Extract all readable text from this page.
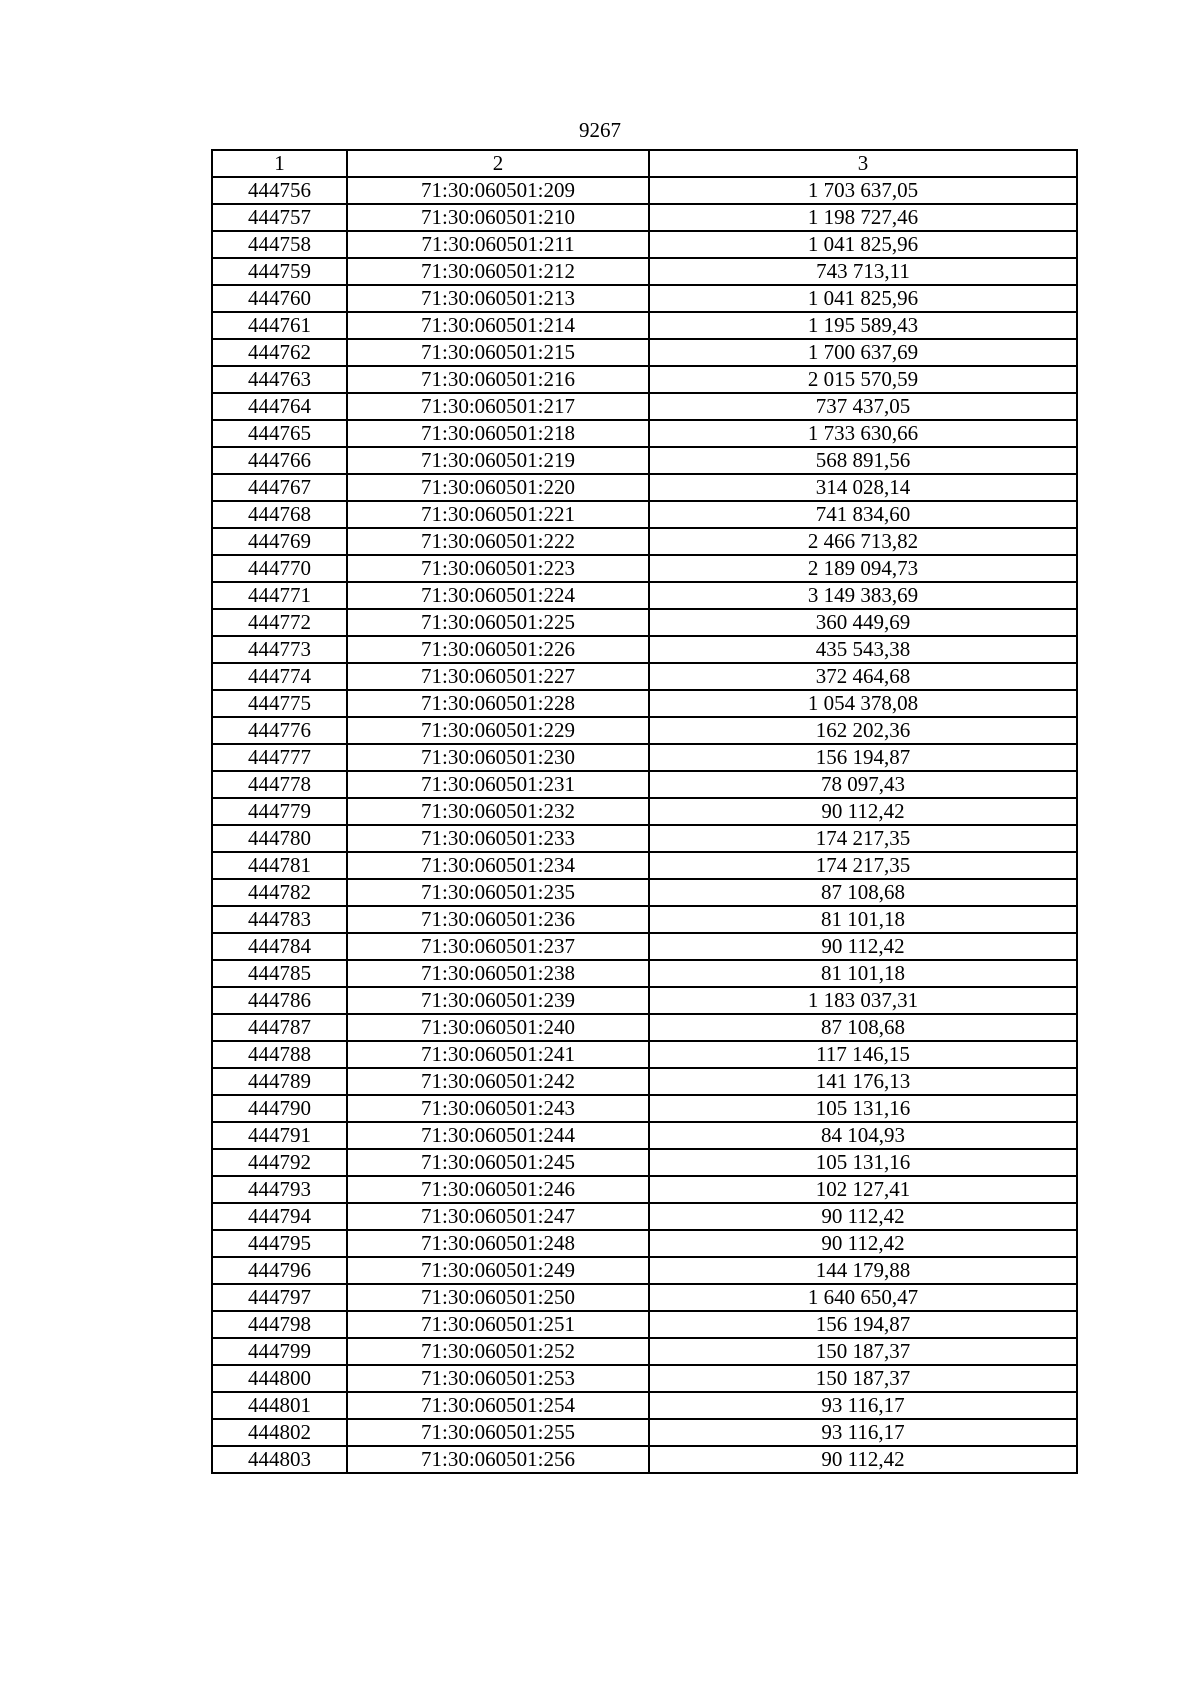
9267
1	2	3
444756	71:30:060501:209	1 703 637,05
444757	71:30:060501:210	1 198 727,46
444758	71:30:060501:211	1 041 825,96
444759	71:30:060501:212	743 713,11
444760	71:30:060501:213	1 041 825,96
444761	71:30:060501:214	1 195 589,43
444762	71:30:060501:215	1 700 637,69
444763	71:30:060501:216	2 015 570,59
444764	71:30:060501:217	737 437,05
444765	71:30:060501:218	1 733 630,66
444766	71:30:060501:219	568 891,56
444767	71:30:060501:220	314 028,14
444768	71:30:060501:221	741 834,60
444769	71:30:060501:222	2 466 713,82
444770	71:30:060501:223	2 189 094,73
444771	71:30:060501:224	3 149 383,69
444772	71:30:060501:225	360 449,69
444773	71:30:060501:226	435 543,38
444774	71:30:060501:227	372 464,68
444775	71:30:060501:228	1 054 378,08
444776	71:30:060501:229	162 202,36
444777	71:30:060501:230	156 194,87
444778	71:30:060501:231	78 097,43
444779	71:30:060501:232	90 112,42
444780	71:30:060501:233	174 217,35
444781	71:30:060501:234	174 217,35
444782	71:30:060501:235	87 108,68
444783	71:30:060501:236	81 101,18
444784	71:30:060501:237	90 112,42
444785	71:30:060501:238	81 101,18
444786	71:30:060501:239	1 183 037,31
444787	71:30:060501:240	87 108,68
444788	71:30:060501:241	117 146,15
444789	71:30:060501:242	141 176,13
444790	71:30:060501:243	105 131,16
444791	71:30:060501:244	84 104,93
444792	71:30:060501:245	105 131,16
444793	71:30:060501:246	102 127,41
444794	71:30:060501:247	90 112,42
444795	71:30:060501:248	90 112,42
444796	71:30:060501:249	144 179,88
444797	71:30:060501:250	1 640 650,47
444798	71:30:060501:251	156 194,87
444799	71:30:060501:252	150 187,37
444800	71:30:060501:253	150 187,37
444801	71:30:060501:254	93 116,17
444802	71:30:060501:255	93 116,17
444803	71:30:060501:256	90 112,42
